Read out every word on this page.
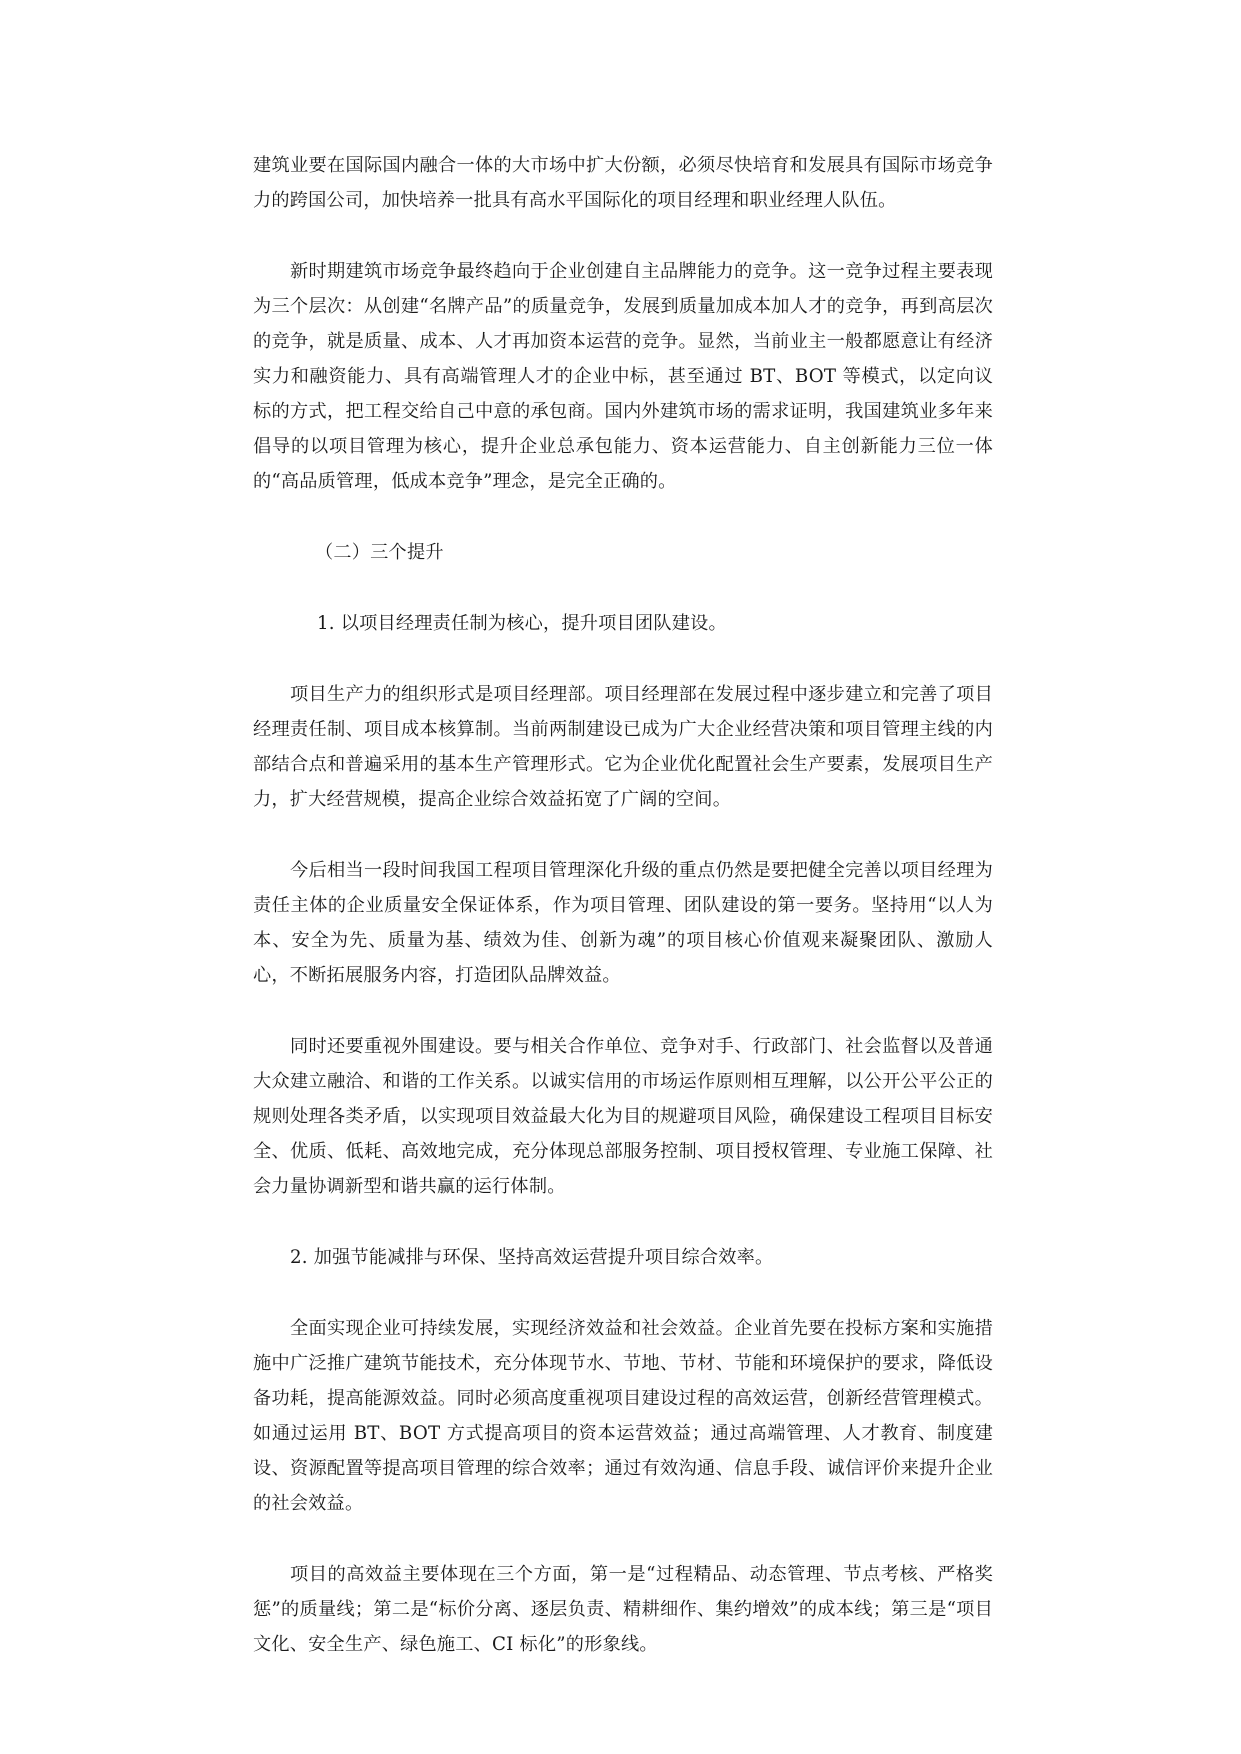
建筑业要在国际国内融合一体的大市场中扩大份额，必须尽快培育和发展具有国际市场竞争力的跨国公司，加快培养一批具有高水平国际化的项目经理和职业经理人队伍。

新时期建筑市场竞争最终趋向于企业创建自主品牌能力的竞争。这一竞争过程主要表现为三个层次：从创建“名牌产品”的质量竞争，发展到质量加成本加人才的竞争，再到高层次的竞争，就是质量、成本、人才再加资本运营的竞争。显然，当前业主一般都愿意让有经济实力和融资能力、具有高端管理人才的企业中标，甚至通过 BT、BOT 等模式，以定向议标的方式，把工程交给自己中意的承包商。国内外建筑市场的需求证明，我国建筑业多年来倡导的以项目管理为核心，提升企业总承包能力、资本运营能力、自主创新能力三位一体的“高品质管理，低成本竞争”理念，是完全正确的。

（二）三个提升

1. 以项目经理责任制为核心，提升项目团队建设。

项目生产力的组织形式是项目经理部。项目经理部在发展过程中逐步建立和完善了项目经理责任制、项目成本核算制。当前两制建设已成为广大企业经营决策和项目管理主线的内部结合点和普遍采用的基本生产管理形式。它为企业优化配置社会生产要素，发展项目生产力，扩大经营规模，提高企业综合效益拓宽了广阔的空间。

今后相当一段时间我国工程项目管理深化升级的重点仍然是要把健全完善以项目经理为责任主体的企业质量安全保证体系，作为项目管理、团队建设的第一要务。坚持用“以人为本、安全为先、质量为基、绩效为佳、创新为魂”的项目核心价值观来凝聚团队、激励人心，不断拓展服务内容，打造团队品牌效益。

同时还要重视外围建设。要与相关合作单位、竞争对手、行政部门、社会监督以及普通大众建立融洽、和谐的工作关系。以诚实信用的市场运作原则相互理解，以公开公平公正的规则处理各类矛盾，以实现项目效益最大化为目的规避项目风险，确保建设工程项目目标安全、优质、低耗、高效地完成，充分体现总部服务控制、项目授权管理、专业施工保障、社会力量协调新型和谐共赢的运行体制。

2. 加强节能减排与环保、坚持高效运营提升项目综合效率。

全面实现企业可持续发展，实现经济效益和社会效益。企业首先要在投标方案和实施措施中广泛推广建筑节能技术，充分体现节水、节地、节材、节能和环境保护的要求，降低设备功耗，提高能源效益。同时必须高度重视项目建设过程的高效运营，创新经营管理模式。如通过运用 BT、BOT 方式提高项目的资本运营效益；通过高端管理、人才教育、制度建设、资源配置等提高项目管理的综合效率；通过有效沟通、信息手段、诚信评价来提升企业的社会效益。

项目的高效益主要体现在三个方面，第一是“过程精品、动态管理、节点考核、严格奖惩”的质量线；第二是“标价分离、逐层负责、精耕细作、集约增效”的成本线；第三是“项目文化、安全生产、绿色施工、CI 标化”的形象线。
